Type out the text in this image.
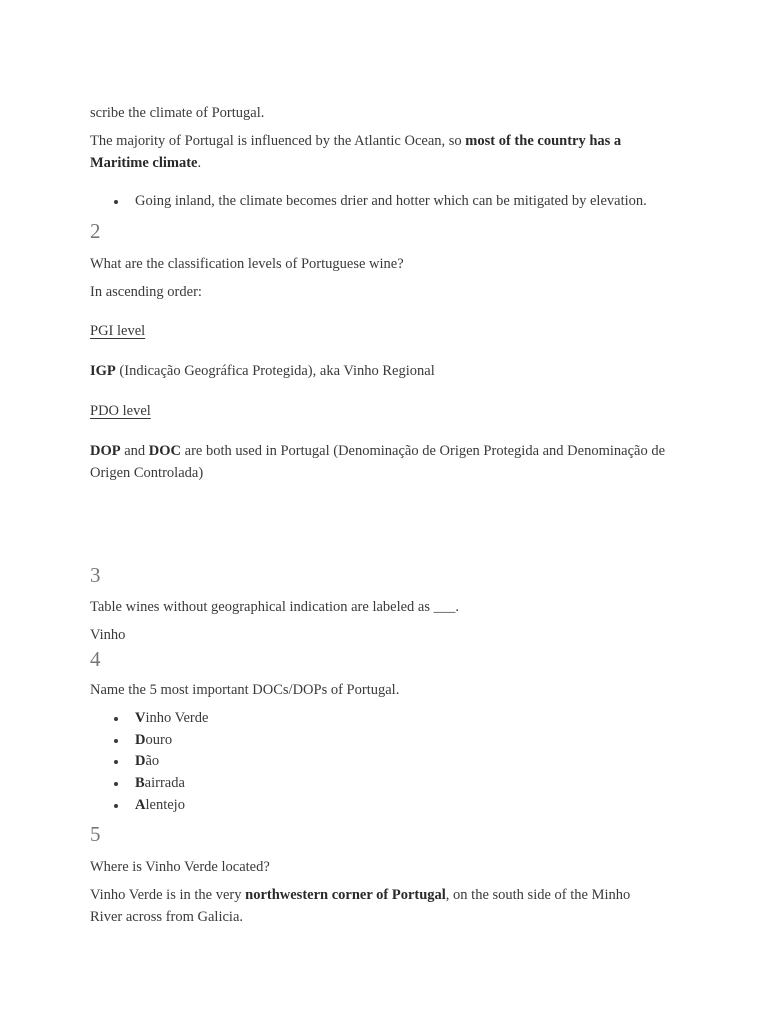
scribe the climate of Portugal.

The majority of Portugal is influenced by the Atlantic Ocean, so most of the country has a Maritime climate.

Going inland, the climate becomes drier and hotter which can be mitigated by elevation.
2

What are the classification levels of Portuguese wine?

In ascending order:

PGI level

IGP (Indicação Geográfica Protegida), aka Vinho Regional

PDO level

DOP and DOC are both used in Portugal (Denominação de Origen Protegida and Denominação de Origen Controlada)

3

Table wines without geographical indication are labeled as ___.

Vinho

4

Name the 5 most important DOCs/DOPs of Portugal.

Vinho Verde
Douro
Dão
Bairrada
Alentejo
5

Where is Vinho Verde located?

Vinho Verde is in the very northwestern corner of Portugal, on the south side of the Minho River across from Galicia.
